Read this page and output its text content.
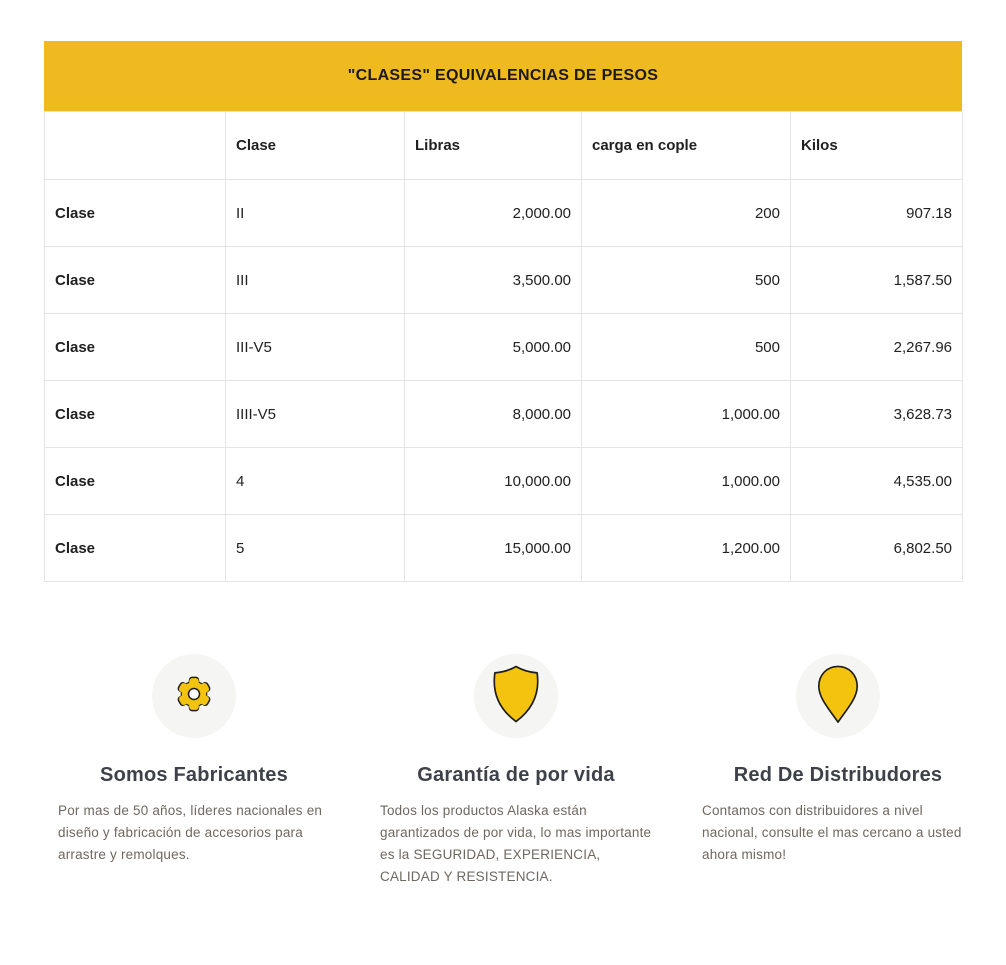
"CLASES" EQUIVALENCIAS DE PESOS
	Clase	Libras	carga en cople	Kilos
Clase	II	2,000.00	200	907.18
Clase	III	3,500.00	500	1,587.50
Clase	III-V5	5,000.00	500	2,267.96
Clase	IIII-V5	8,000.00	1,000.00	3,628.73
Clase	4	10,000.00	1,000.00	4,535.00
Clase	5	15,000.00	1,200.00	6,802.50
Somos Fabricantes
Por mas de 50 años, líderes nacionales en diseño y fabricación de accesorios para arrastre y remolques.
Garantía de por vida
Todos los productos Alaska están garantizados de por vida, lo mas importante es la SEGURIDAD, EXPERIENCIA, CALIDAD Y RESISTENCIA.
Red De Distribudores
Contamos con distribuidores a nivel nacional, consulte el mas cercano a usted ahora mismo!
